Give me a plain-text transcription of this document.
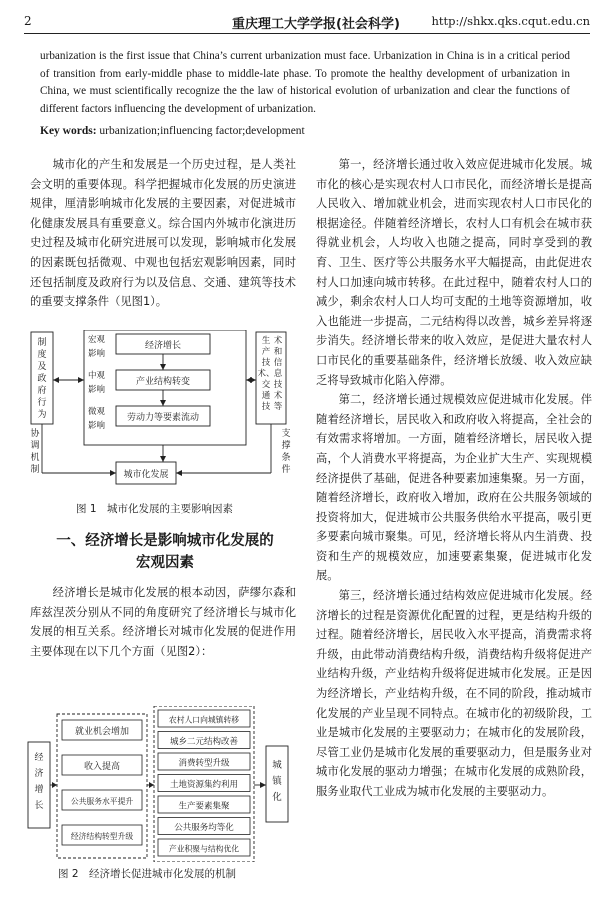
2	重庆理工大学学报(社会科学)	http://shkx.qks.cqut.edu.cn
urbanization is the first issue that China’s current urbanization must face. Urbanization in China is in a critical period of transition from early-middle phase to middle-late phase. To promote the healthy development of urbanization in China, we must scientifically recognize the the law of historical evolution of urbanization and clear the functions of different factors influencing the development of urbanization.
Key words: urbanization;influencing factor;development

城市化的产生和发展是一个历史过程，是人类社会文明的重要体现。科学把握城市化发展的历史演进规律，厘清影响城市化发展的主要因素，对促进城市化健康发展具有重要意义。综合国内外城市化演进历史过程及城市化研究进展可以发现，影响城市化发展的因素既包括微观、中观也包括宏观影响因素，同时还包括制度及政府行为以及信息、交通、建筑等技术的重要支撑条件（见图1）。

制
度
及
政
府
行
为
协
调
机
制
生
产
技
术、
交
通
技
术
和
信
息
技
术
等
支
撑
条
件
宏观
影响
经济增长
中观
影响
产业结构转变
微观
影响
劳动力等要素流动
城市化发展
图 1　城市化发展的主要影响因素
一、经济增长是影响城市化发展的
宏观因素

经济增长是城市化发展的根本动因，萨缪尔森和库兹涅茨分别从不同的角度研究了经济增长与城市化发展的相互关系。经济增长对城市化发展的促进作用主要体现在以下几个方面（见图2）：

经
济
增
长
就业机会增加
收入提高
公共服务水平提升
经济结构转型升级
农村人口向城镇转移
城乡二元结构改善
消费转型升级
土地资源集约利用
生产要素集聚
公共服务均等化
产业积聚与结构优化
城
镇
化
图 2　经济增长促进城市化发展的机制

第一，经济增长通过收入效应促进城市化发展。城市化的核心是实现农村人口市民化，而经济增长是提高人民收入、增加就业机会，进而实现农村人口市民化的根据途径。伴随着经济增长，农村人口有机会在城市获得就业机会，人均收入也随之提高，同时享受到的教育、卫生、医疗等公共服务水平大幅提高，由此促进农村人口加速向城市转移。在此过程中，随着农村人口的减少，剩余农村人口人均可支配的土地等资源增加，收入也能进一步提高，二元结构得以改善，城乡差异将逐步消失。经济增长带来的收入效应，是促进大量农村人口市民化的重要基础条件，经济增长放缓、收入效应缺乏将导致城市化陷入停滞。

第二，经济增长通过规模效应促进城市化发展。伴随着经济增长，居民收入和政府收入将提高，全社会的有效需求将增加。一方面，随着经济增长，居民收入提高，个人消费水平将提高，为企业扩大生产、实现规模经济提供了基础，促进各种要素加速集聚。另一方面，随着经济增长，政府收入增加，政府在公共服务领域的投资将加大，促进城市公共服务供给水平提高，吸引更多要素向城市聚集。可见，经济增长将从内生消费、投资和生产的规模效应，加速要素集聚，促进城市化发展。

第三，经济增长通过结构效应促进城市化发展。经济增长的过程是资源优化配置的过程，更是结构升级的过程。随着经济增长，居民收入水平提高，消费需求将升级，由此带动消费结构升级，消费结构升级将促进产业结构升级，产业结构升级将促进城市化发展。正是因为经济增长，产业结构升级，在不同的阶段，推动城市化发展的产业呈现不同特点。在城市化的初级阶段，工业是城市化发展的主要驱动力；在城市化的发展阶段，尽管工业仍是城市化发展的重要驱动力，但是服务业对城市化发展的驱动力增强；在城市化发展的成熟阶段，服务业取代工业成为城市化发展的主要驱动力。
